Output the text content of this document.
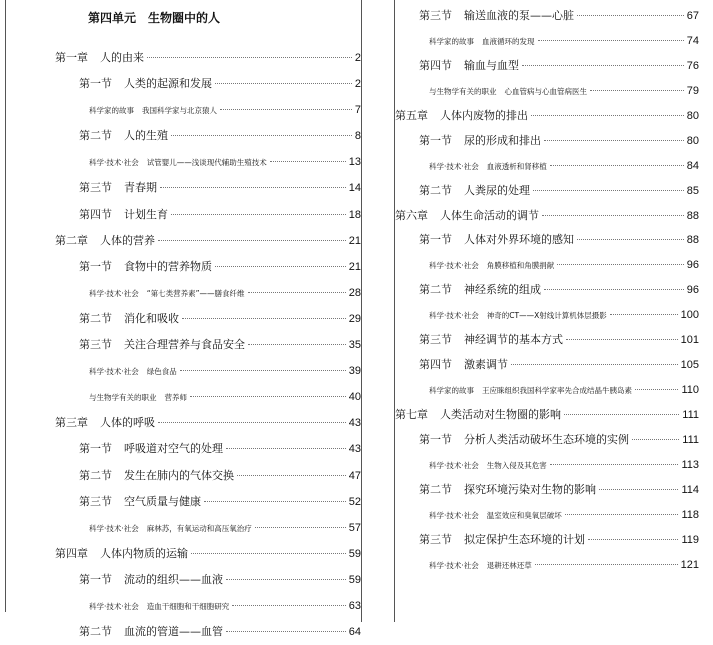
第四单元　生物圈中的人
第一章 人的由来	2
第一节 人类的起源和发展	2
科学家的故事 我国科学家与北京猿人	7
第二节 人的生殖	8
科学·技术·社会 试管婴儿——浅谈现代辅助生殖技术	13
第三节 青春期	14
第四节 计划生育	18
第二章 人体的营养	21
第一节 食物中的营养物质	21
科学·技术·社会 “第七类营养素”——膳食纤维	28
第二节 消化和吸收	29
第三节 关注合理营养与食品安全	35
科学·技术·社会 绿色食品	39
与生物学有关的职业 营养师	40
第三章 人体的呼吸	43
第一节 呼吸道对空气的处理	43
第二节 发生在肺内的气体交换	47
第三节 空气质量与健康	52
科学·技术·社会 麻林苏，有氧运动和高压氧治疗	57
第四章 人体内物质的运输	59
第一节 流动的组织——血液	59
科学·技术·社会 造血干细胞和干细胞研究	63
第二节 血流的管道——血管	64
第三节 输送血液的泵——心脏	67
科学家的故事 血液循环的发现	74
第四节 输血与血型	76
与生物学有关的职业 心血管病与心血管病医生	79
第五章 人体内废物的排出	80
第一节 尿的形成和排出	80
科学·技术·社会 血液透析和肾移植	84
第二节 人粪尿的处理	85
第六章 人体生命活动的调节	88
第一节 人体对外界环境的感知	88
科学·技术·社会 角膜移植和角膜捐献	96
第二节 神经系统的组成	96
科学·技术·社会 神奇的CT——X射线计算机体层摄影	100
第三节 神经调节的基本方式	101
第四节 激素调节	105
科学家的故事 王应睐组织我国科学家率先合成结晶牛胰岛素	110
第七章 人类活动对生物圈的影响	111
第一节 分析人类活动破坏生态环境的实例	111
科学·技术·社会 生物入侵及其危害	113
第二节 探究环境污染对生物的影响	114
科学·技术·社会 温室效应和臭氧层破坏	118
第三节 拟定保护生态环境的计划	119
科学·技术·社会 退耕还林还草	121
